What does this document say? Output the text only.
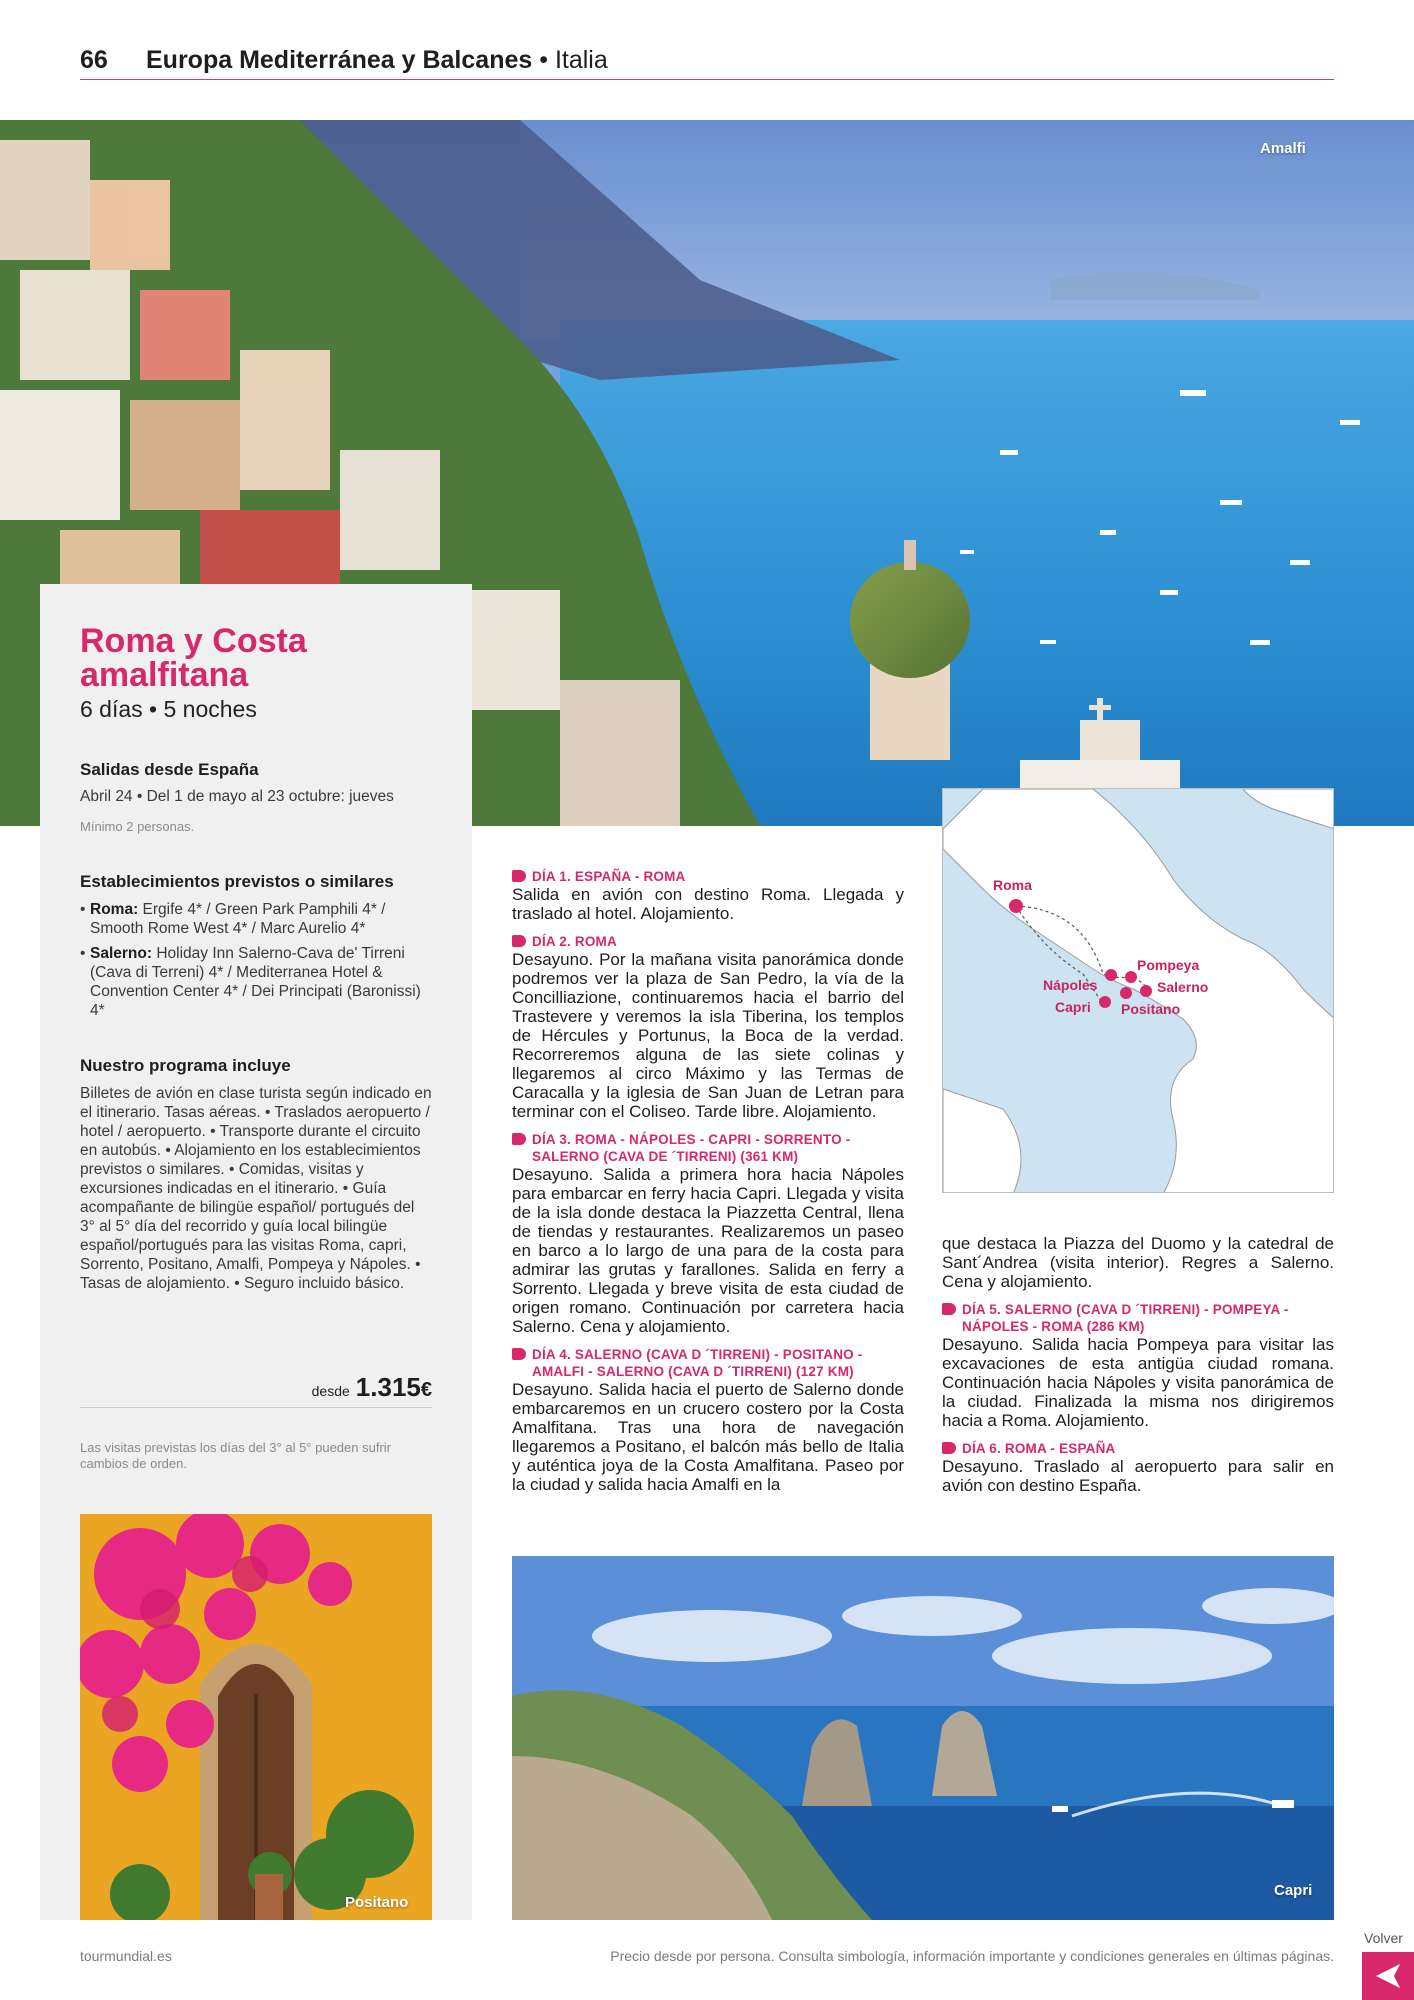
66 Europa Mediterránea y Balcanes • Italia
Amalfi
Roma y Costa amalfitana
6 días • 5 noches
Salidas desde España
Abril 24 • Del 1 de mayo al 23 octubre: jueves
Mínimo 2 personas.
Establecimientos previstos o similares
• Roma: Ergife 4* / Green Park Pamphili 4* / Smooth Rome West 4* / Marc Aurelio 4*
• Salerno: Holiday Inn Salerno-Cava de' Tirreni (Cava di Terreni) 4* / Mediterranea Hotel & Convention Center 4* / Dei Principati (Baronissi) 4*
Nuestro programa incluye
Billetes de avión en clase turista según indicado en el itinerario. Tasas aéreas. • Traslados aeropuerto / hotel / aeropuerto. • Transporte durante el circuito en autobús. • Alojamiento en los establecimientos previstos o similares. • Comidas, visitas y excursiones indicadas en el itinerario. • Guía acompañante de bilingüe español/ portugués del 3° al 5° día del recorrido y guía local bilingüe español/portugués para las visitas Roma, capri, Sorrento, Positano, Amalfi, Pompeya y Nápoles. • Tasas de alojamiento. • Seguro incluido básico.
desde 1.315€
Las visitas previstas los días del 3° al 5° pueden sufrir cambios de orden.
Positano
DÍA 1. ESPAÑA - ROMA
Salida en avión con destino Roma. Llegada y traslado al hotel. Alojamiento.
DÍA 2. ROMA
Desayuno. Por la mañana visita panorámica donde podremos ver la plaza de San Pedro, la vía de la Concilliazione, continuaremos hacia el barrio del Trastevere y veremos la isla Tiberina, los templos de Hércules y Portunus, la Boca de la verdad. Recorreremos alguna de las siete colinas y llegaremos al circo Máximo y las Termas de Caracalla y la iglesia de San Juan de Letran para terminar con el Coliseo. Tarde libre. Alojamiento.
DÍA 3. ROMA - NÁPOLES - CAPRI - SORRENTO - SALERNO (CAVA DE ´TIRRENI) (361 KM)
Desayuno. Salida a primera hora hacia Nápoles para embarcar en ferry hacia Capri. Llegada y visita de la isla donde destaca la Piazzetta Central, llena de tiendas y restaurantes. Realizaremos un paseo en barco a lo largo de una para de la costa para admirar las grutas y farallones. Salida en ferry a Sorrento. Llegada y breve visita de esta ciudad de origen romano. Continuación por carretera hacia Salerno. Cena y alojamiento.
DÍA 4. SALERNO (CAVA D ´TIRRENI) - POSITANO - AMALFI - SALERNO (CAVA D ´TIRRENI) (127 KM)
Desayuno. Salida hacia el puerto de Salerno donde embarcaremos en un crucero costero por la Costa Amalfitana. Tras una hora de navegación llegaremos a Positano, el balcón más bello de Italia y auténtica joya de la Costa Amalfitana. Paseo por la ciudad y salida hacia Amalfi en la
Roma
Pompeya
Nápoles	Salerno
Capri Positano
que destaca la Piazza del Duomo y la catedral de Sant´Andrea (visita interior). Regres a Salerno. Cena y alojamiento.
DÍA 5. SALERNO (CAVA D ´TIRRENI) - POMPEYA - NÁPOLES - ROMA (286 KM)
Desayuno. Salida hacia Pompeya para visitar las excavaciones de esta antigüa ciudad romana. Continuación hacia Nápoles y visita panorámica de la ciudad. Finalizada la misma nos dirigiremos hacia a Roma. Alojamiento.
DÍA 6. ROMA - ESPAÑA
Desayuno. Traslado al aeropuerto para salir en avión con destino España.
Capri
tourmundial.es	Precio desde por persona. Consulta simbología, información importante y condiciones generales en últimas páginas.
Volver
